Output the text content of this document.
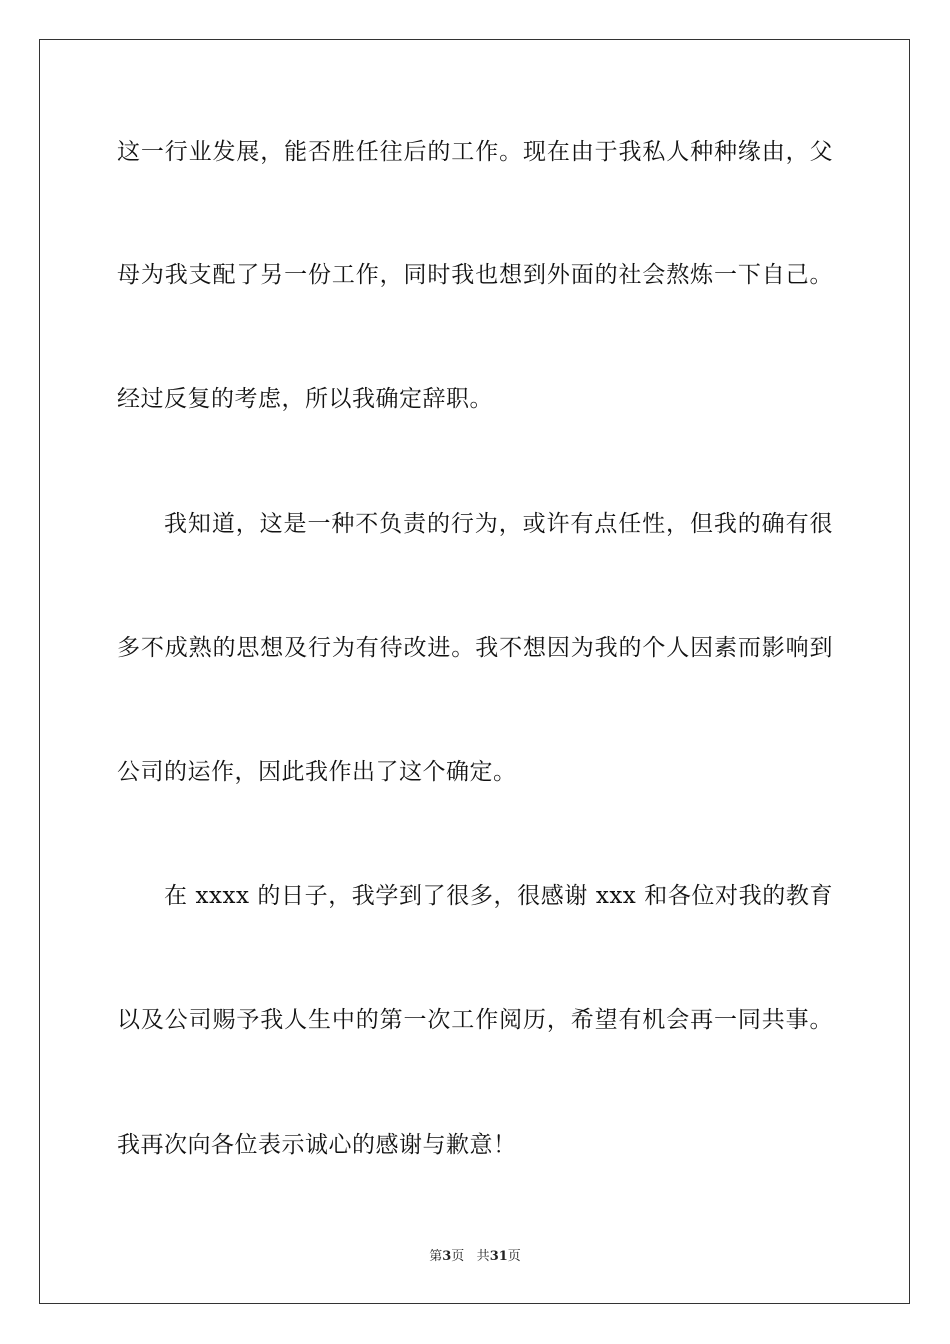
这一行业发展，能否胜任往后的工作。现在由于我私人种种缘由，父
母为我支配了另一份工作，同时我也想到外面的社会熬炼一下自己。
经过反复的考虑，所以我确定辞职。
我知道，这是一种不负责的行为，或许有点任性，但我的确有很
多不成熟的思想及行为有待改进。我不想因为我的个人因素而影响到
公司的运作，因此我作出了这个确定。
在 xxxx 的日子，我学到了很多，很感谢 xxx 和各位对我的教育
以及公司赐予我人生中的第一次工作阅历，希望有机会再一同共事。
我再次向各位表示诚心的感谢与歉意！
第3页 共31页
